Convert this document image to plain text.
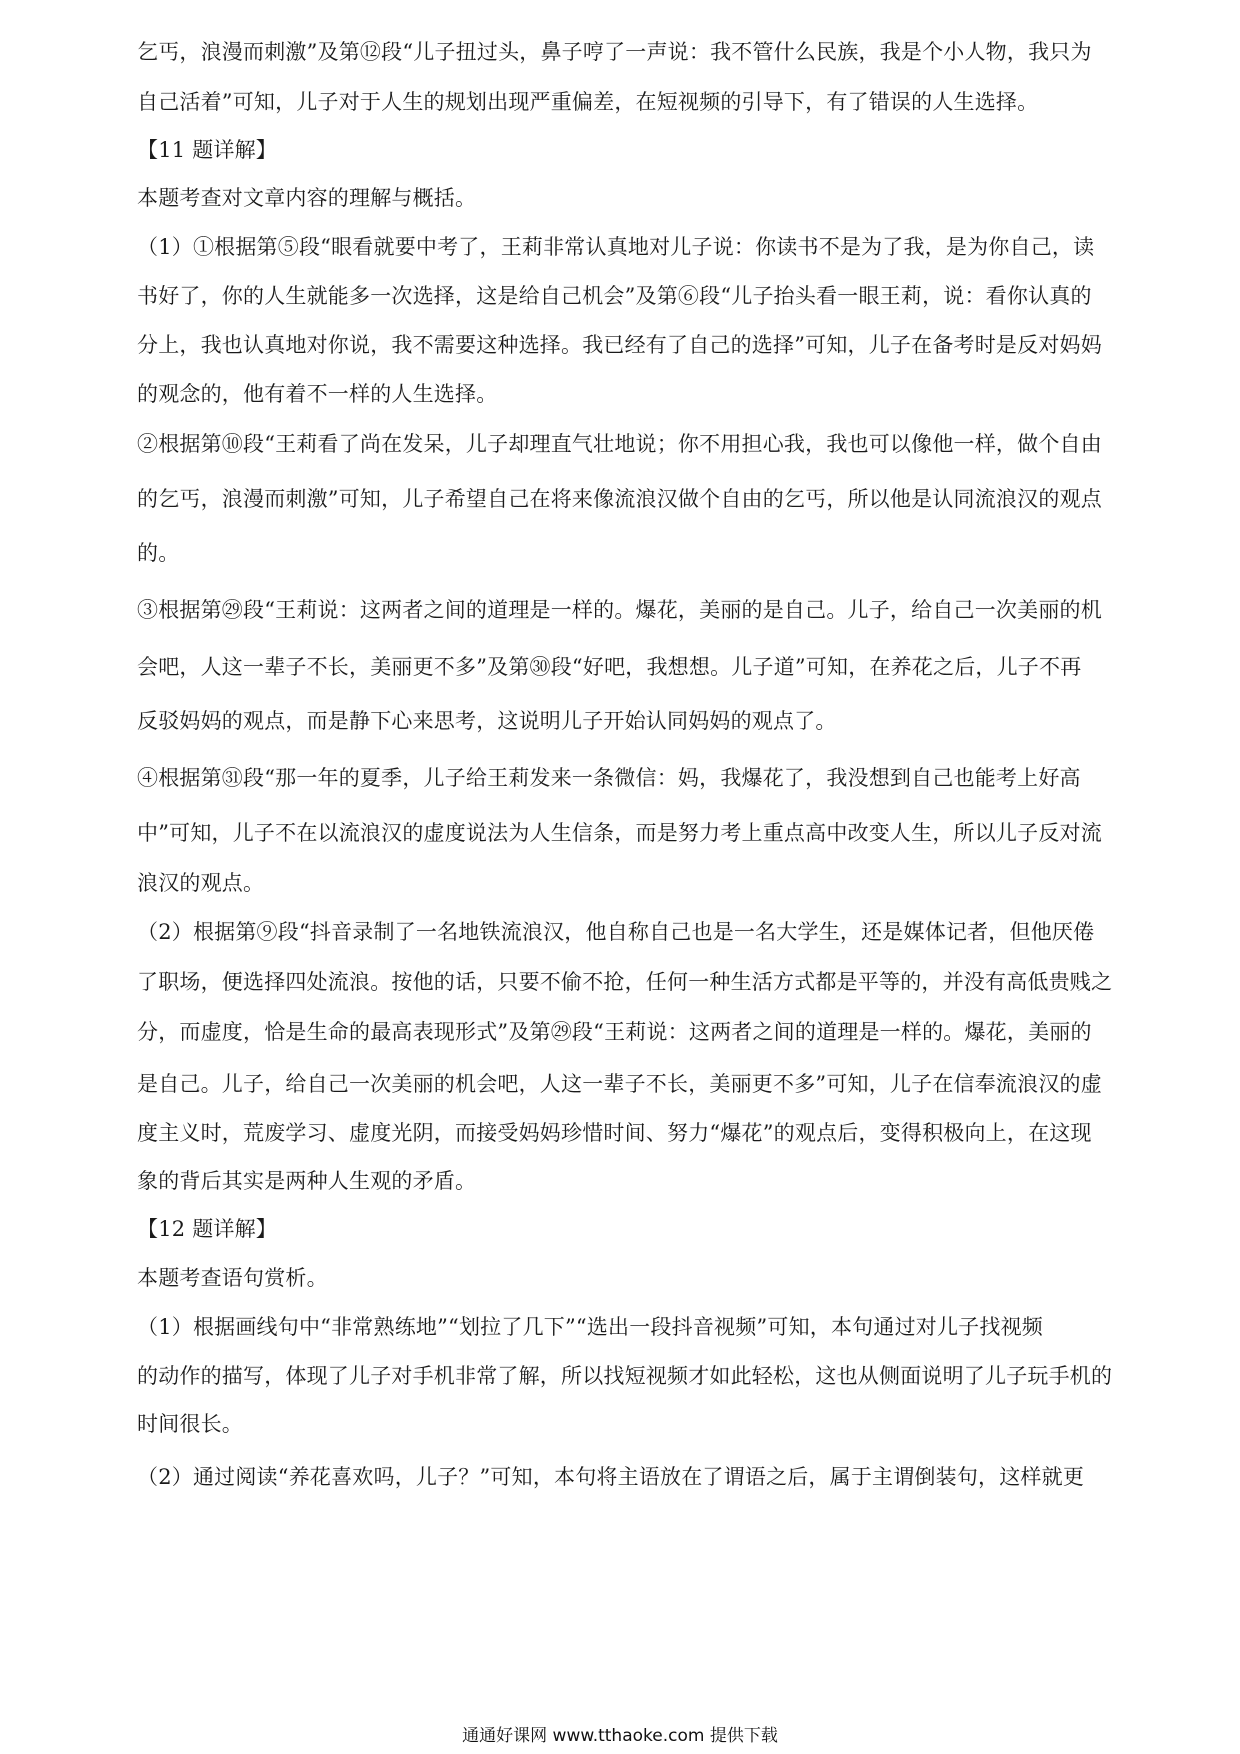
乞丐，浪漫而刺激”及第⑫段“儿子扭过头，鼻子哼了一声说：我不管什么民族，我是个小人物，我只为
自己活着”可知，儿子对于人生的规划出现严重偏差，在短视频的引导下，有了错误的人生选择。
【11 题详解】
本题考查对文章内容的理解与概括。
（1）①根据第⑤段“眼看就要中考了，王莉非常认真地对儿子说：你读书不是为了我，是为你自己，读
书好了，你的人生就能多一次选择，这是给自己机会”及第⑥段“儿子抬头看一眼王莉，说：看你认真的
分上，我也认真地对你说，我不需要这种选择。我已经有了自己的选择”可知，儿子在备考时是反对妈妈
的观念的，他有着不一样的人生选择。
②根据第⑩段“王莉看了尚在发呆，儿子却理直气壮地说；你不用担心我，我也可以像他一样，做个自由
的乞丐，浪漫而刺激”可知，儿子希望自己在将来像流浪汉做个自由的乞丐，所以他是认同流浪汉的观点
的。
③根据第㉙段“王莉说：这两者之间的道理是一样的。爆花，美丽的是自己。儿子，给自己一次美丽的机
会吧，人这一辈子不长，美丽更不多”及第㉚段“好吧，我想想。儿子道”可知，在养花之后，儿子不再
反驳妈妈的观点，而是静下心来思考，这说明儿子开始认同妈妈的观点了。
④根据第㉛段“那一年的夏季，儿子给王莉发来一条微信：妈，我爆花了，我没想到自己也能考上好高
中”可知，儿子不在以流浪汉的虚度说法为人生信条，而是努力考上重点高中改变人生，所以儿子反对流
浪汉的观点。
（2）根据第⑨段“抖音录制了一名地铁流浪汉，他自称自己也是一名大学生，还是媒体记者，但他厌倦
了职场，便选择四处流浪。按他的话，只要不偷不抢，任何一种生活方式都是平等的，并没有高低贵贱之
分，而虚度，恰是生命的最高表现形式”及第㉙段“王莉说：这两者之间的道理是一样的。爆花，美丽的
是自己。儿子，给自己一次美丽的机会吧，人这一辈子不长，美丽更不多”可知，儿子在信奉流浪汉的虚
度主义时，荒废学习、虚度光阴，而接受妈妈珍惜时间、努力“爆花”的观点后，变得积极向上，在这现
象的背后其实是两种人生观的矛盾。
【12 题详解】
本题考查语句赏析。
（1）根据画线句中“非常熟练地”“划拉了几下”“选出一段抖音视频”可知，本句通过对儿子找视频
的动作的描写，体现了儿子对手机非常了解，所以找短视频才如此轻松，这也从侧面说明了儿子玩手机的
时间很长。
（2）通过阅读“养花喜欢吗，儿子？”可知，本句将主语放在了谓语之后，属于主谓倒装句，这样就更
通通好课网 www.tthaoke.com 提供下载
